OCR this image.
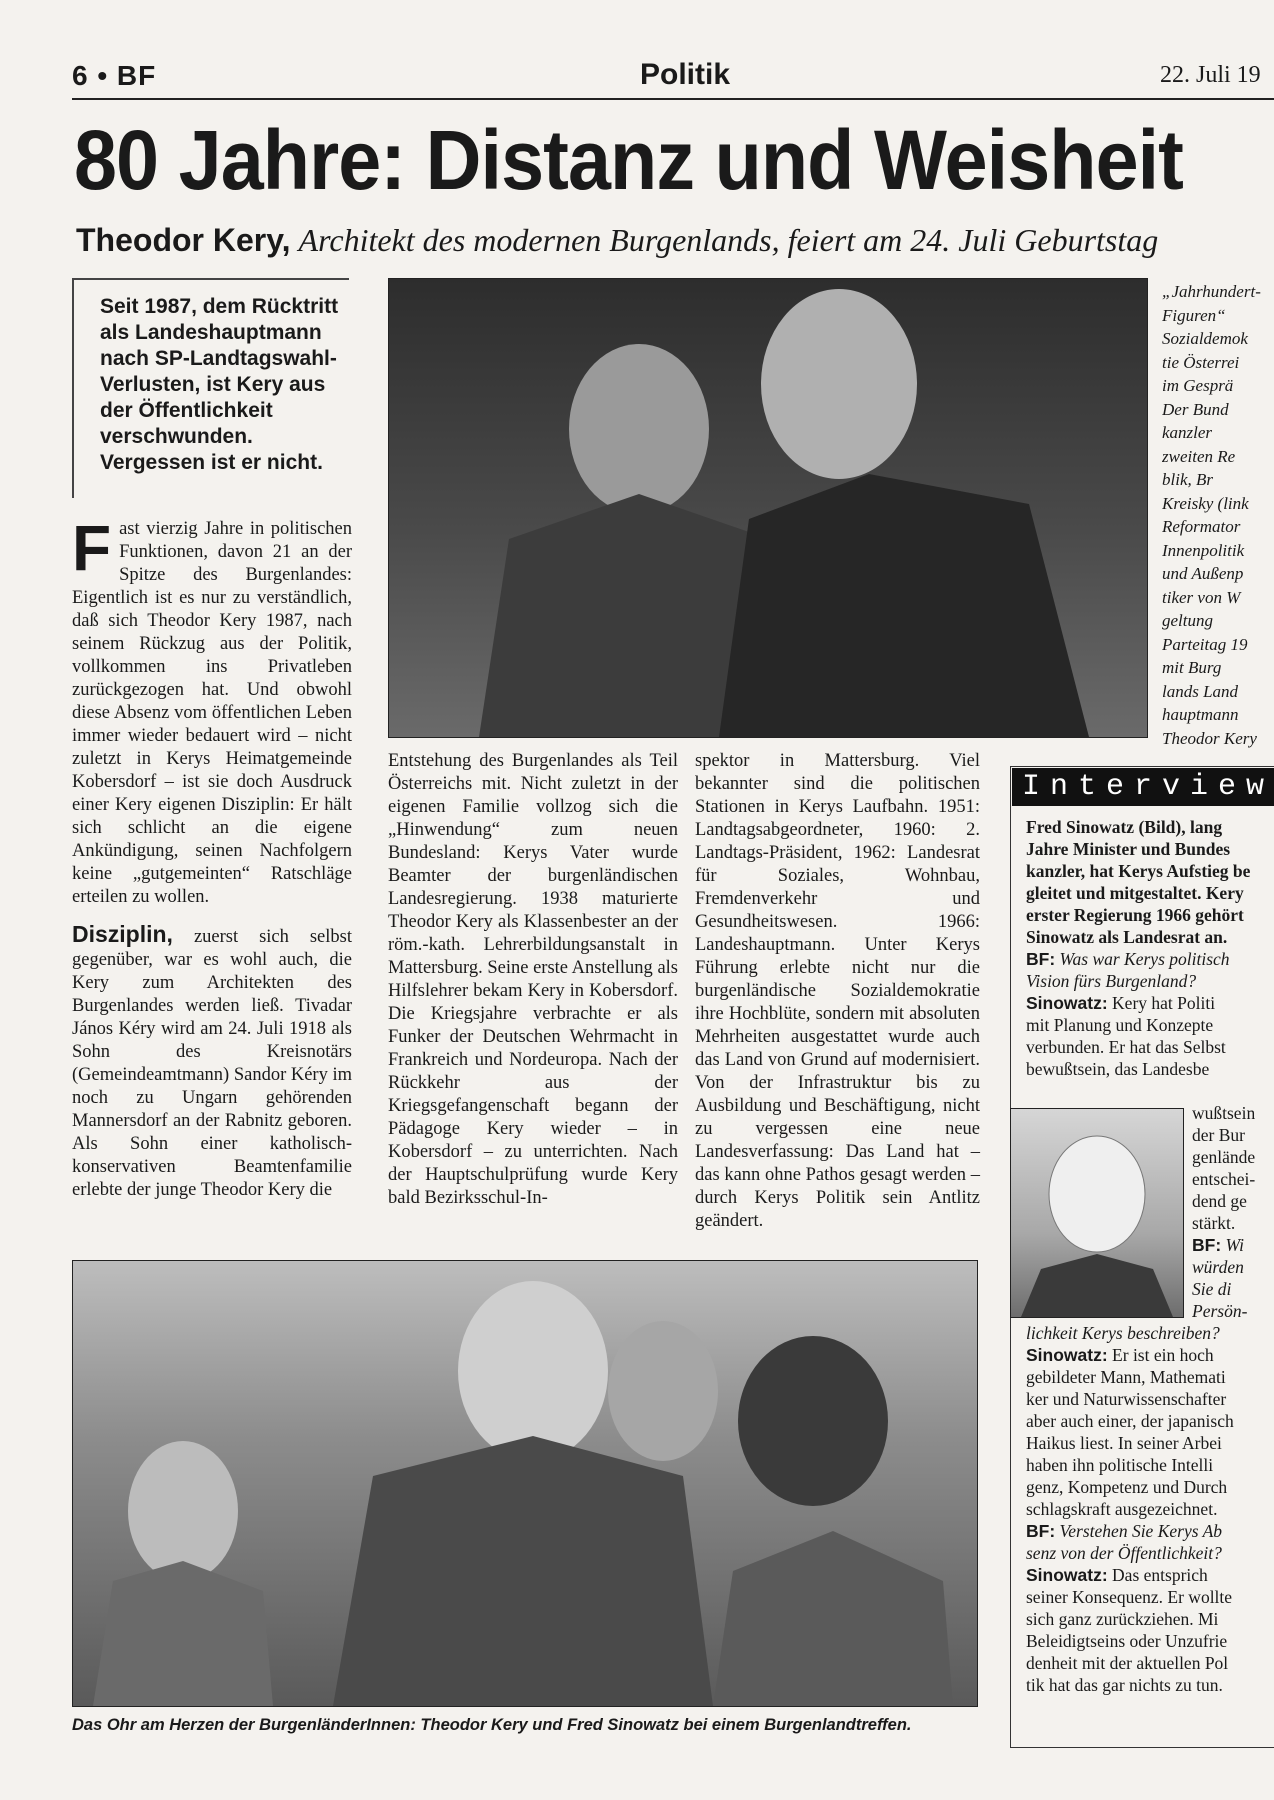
6 • BF	Politik	22. Juli 19
80 Jahre: Distanz und Weisheit
Theodor Kery, Architekt des modernen Burgenlands, feiert am 24. Juli Geburtstag
Seit 1987, dem Rücktritt als Landeshauptmann nach SP-Landtagswahl-Verlusten, ist Kery aus der Öffentlichkeit verschwunden. Vergessen ist er nicht.
„Jahrhundert-
Figuren“
Sozialdemok
tie Österrei
im Gesprä
Der Bund
kanzler
zweiten Re
blik, Br
Kreisky (link
Reformator
Innenpolitik
und Außenp
tiker von W
geltung
Parteitag 19
mit Burg
lands Land
hauptmann
Theodor Kery
F ast vierzig Jahre in politischen Funktionen, davon 21 an der Spitze des Burgenlandes: Eigentlich ist es nur zu verständlich, daß sich Theodor Kery 1987, nach seinem Rückzug aus der Politik, vollkommen ins Privatleben zurückgezogen hat. Und obwohl diese Absenz vom öffentlichen Leben immer wieder bedauert wird – nicht zuletzt in Kerys Heimatgemeinde Kobersdorf – ist sie doch Ausdruck einer Kery eigenen Disziplin: Er hält sich schlicht an die eigene Ankündigung, seinen Nachfolgern keine „gutgemeinten“ Ratschläge erteilen zu wollen.

Disziplin, zuerst sich selbst gegenüber, war es wohl auch, die Kery zum Architekten des Burgenlandes werden ließ. Tivadar János Kéry wird am 24. Juli 1918 als Sohn des Kreisnotärs (Gemeindeamtmann) Sandor Kéry im noch zu Ungarn gehörenden Mannersdorf an der Rabnitz geboren. Als Sohn einer katholisch-konservativen Beamtenfamilie erlebte der junge Theodor Kery die

Entstehung des Burgenlandes als Teil Österreichs mit. Nicht zuletzt in der eigenen Familie vollzog sich die „Hinwendung“ zum neuen Bundesland: Kerys Vater wurde Beamter der burgenländischen Landesregierung. 1938 maturierte Theodor Kery als Klassenbester an der röm.-kath. Lehrerbildungsanstalt in Mattersburg. Seine erste Anstellung als Hilfslehrer bekam Kery in Kobersdorf. Die Kriegsjahre verbrachte er als Funker der Deutschen Wehrmacht in Frankreich und Nordeuropa. Nach der Rückkehr aus der Kriegsgefangenschaft begann der Pädagoge Kery wieder – in Kobersdorf – zu unterrichten. Nach der Hauptschulprüfung wurde Kery bald Bezirksschul-In-
spektor in Mattersburg. Viel bekannter sind die politischen Stationen in Kerys Laufbahn. 1951: Landtagsabgeordneter, 1960: 2. Landtags-Präsident, 1962: Landesrat für Soziales, Wohnbau, Fremdenverkehr und Gesundheitswesen. 1966: Landeshauptmann. Unter Kerys Führung erlebte nicht nur die burgenländische Sozialdemokratie ihre Hochblüte, sondern mit absoluten Mehrheiten ausgestattet wurde auch das Land von Grund auf modernisiert. Von der Infrastruktur bis zu Ausbildung und Beschäftigung, nicht zu vergessen eine neue Landesverfassung: Das Land hat – das kann ohne Pathos gesagt werden – durch Kerys Politik sein Antlitz geändert.
Das Ohr am Herzen der BurgenländerInnen: Theodor Kery und Fred Sinowatz bei einem Burgenlandtreffen.
Interview
Fred Sinowatz (Bild), lang
Jahre Minister und Bundes
kanzler, hat Kerys Aufstieg be
gleitet und mitgestaltet. Kery
erster Regierung 1966 gehört
Sinowatz als Landesrat an.
BF: Was war Kerys politisch
Vision fürs Burgenland?
Sinowatz: Kery hat Politi
mit Planung und Konzepte
verbunden. Er hat das Selbst
bewußtsein, das Landesbe
wußtsein
der Bur
genlände
entschei-
dend ge
stärkt.
BF: Wi
würden
Sie di
Persön-
lichkeit Kerys beschreiben?
Sinowatz: Er ist ein hoch
gebildeter Mann, Mathemati
ker und Naturwissenschafter
aber auch einer, der japanisch
Haikus liest. In seiner Arbei
haben ihn politische Intelli
genz, Kompetenz und Durch
schlagskraft ausgezeichnet.
BF: Verstehen Sie Kerys Ab
senz von der Öffentlichkeit?
Sinowatz: Das entsprich
seiner Konsequenz. Er wollte
sich ganz zurückziehen. Mi
Beleidigtseins oder Unzufrie
denheit mit der aktuellen Pol
tik hat das gar nichts zu tun.
